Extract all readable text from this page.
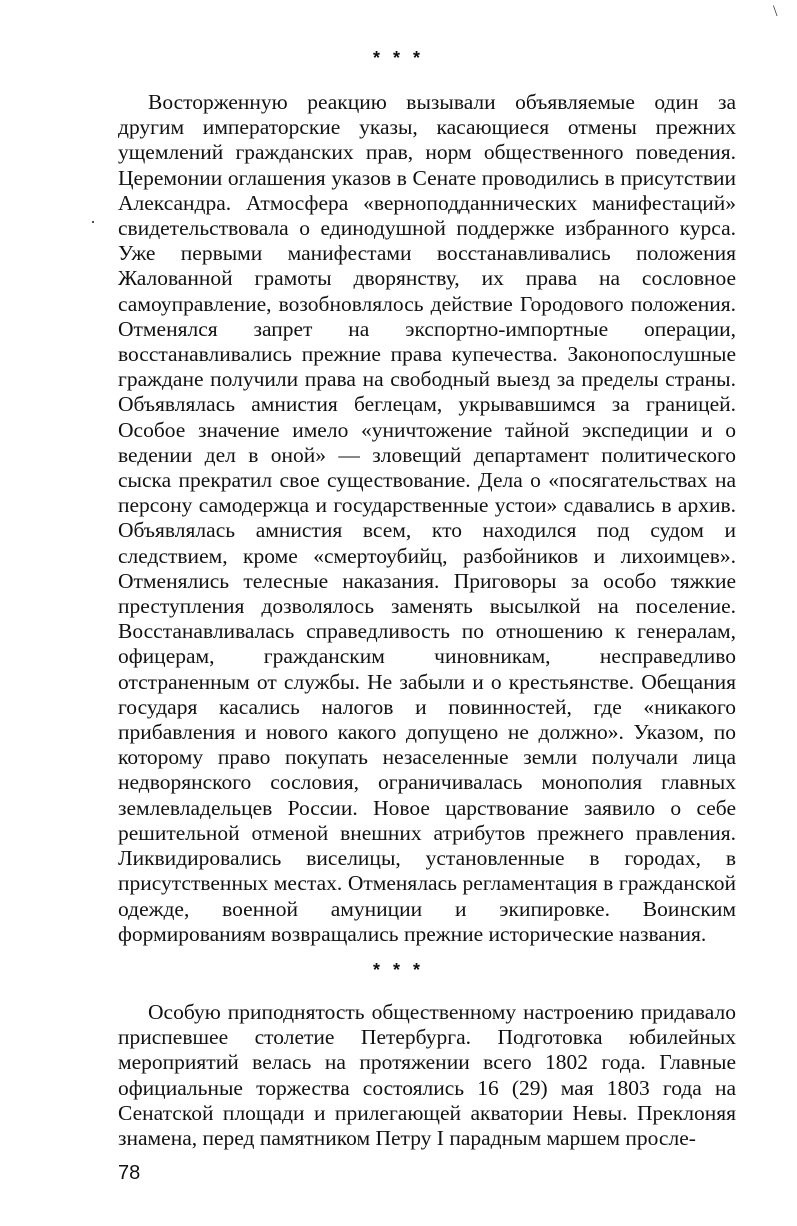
\
* * *

Восторженную реакцию вызывали объявляемые один за другим императорские указы, касающиеся отмены прежних ущемлений гражданских прав, норм общественного поведения. Церемонии оглашения указов в Сенате проводились в присутствии Александра. Атмосфера «верноподданнических манифестаций» свидетельствовала о единодушной поддержке избранного курса. Уже первыми манифестами восстанавливались положения Жалованной грамоты дворянству, их права на сословное самоуправление, возобновлялось действие Городового положения. Отменялся запрет на экспортно-импортные операции, восстанавливались прежние права купечества. Законопослушные граждане получили права на свободный выезд за пределы страны. Объявлялась амнистия беглецам, укрывавшимся за границей. Особое значение имело «уничтожение тайной экспедиции и о ведении дел в оной» — зловещий департамент политического сыска прекратил свое существование. Дела о «посягательствах на персону самодержца и государственные устои» сдавались в архив. Объявлялась амнистия всем, кто находился под судом и следствием, кроме «смертоубийц, разбойников и лихоимцев». Отменялись телесные наказания. Приговоры за особо тяжкие преступления дозволялось заменять высылкой на поселение. Восстанавливалась справедливость по отношению к генералам, офицерам, гражданским чиновникам, несправедливо отстраненным от службы. Не забыли и о крестьянстве. Обещания государя касались налогов и повинностей, где «никакого прибавления и нового какого допущено не должно». Указом, по которому право покупать незаселенные земли получали лица недворянского сословия, ограничивалась монополия главных землевладельцев России. Новое царствование заявило о себе решительной отменой внешних атрибутов прежнего правления. Ликвидировались виселицы, установленные в городах, в присутственных местах. Отменялась регламентация в гражданской одежде, военной амуниции и экипировке. Воинским формированиям возвращались прежние исторические названия.

·
* * *

Особую приподнятость общественному настроению придавало приспевшее столетие Петербурга. Подготовка юбилейных мероприятий велась на протяжении всего 1802 года. Главные официальные торжества состоялись 16 (29) мая 1803 года на Сенатской площади и прилегающей акватории Невы. Преклоняя знамена, перед памятником Петру I парадным маршем просле-

78
